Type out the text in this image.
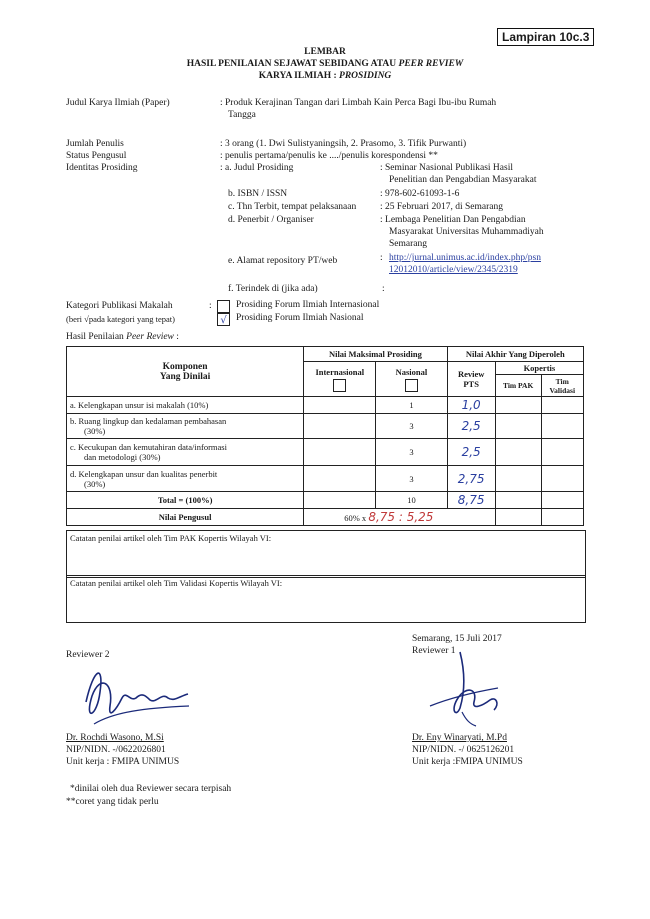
Lampiran 10c.3
LEMBAR
HASIL PENILAIAN SEJAWAT SEBIDANG ATAU PEER REVIEW
KARYA ILMIAH : PROSIDING
Judul Karya Ilmiah (Paper)	: Produk Kerajinan Tangan dari Limbah Kain Perca Bagi Ibu-ibu Rumah
Tangga
Jumlah Penulis	: 3 orang (1. Dwi Sulistyaningsih, 2. Prasomo, 3. Tifik Purwanti)
Status Pengusul	: penulis pertama/penulis ke ..../penulis korespondensi **
Identitas Prosiding	: a. Judul Prosiding	: Seminar Nasional Publikasi Hasil
Penelitian dan Pengabdian Masyarakat
b. ISBN / ISSN	: 978-602-61093-1-6
c. Thn Terbit, tempat pelaksanaan	: 25 Februari 2017, di Semarang
d. Penerbit / Organiser	: Lembaga Penelitian Dan Pengabdian
Masyarakat Universitas Muhammadiyah
Semarang
e. Alamat repository PT/web	: http://jurnal.unimus.ac.id/index.php/psn
12012010/article/view/2345/2319
f. Terindek di (jika ada)	:
Kategori Publikasi Makalah	:
(beri √pada kategori yang tepat)
Prosiding Forum Ilmiah Internasional
√ Prosiding Forum Ilmiah Nasional
Hasil Penilaian Peer Review :
Komponen
Yang Dinilai	Nilai Maksimal Prosiding		Nilai Akhir Yang Diperoleh		
	Internasional	Nasional	Review
PTS	Kopertis	
				Tim PAK	Tim
Validasi
a. Kelengkapan unsur isi makalah (10%)		1	1,0		
b. Ruang lingkup dan kedalaman pembahasan
(30%)		3	2,5		
c. Kecukupan dan kemutahiran data/informasi
dan metodologi (30%)		3	2,5		
d. Kelengkapan unsur dan kualitas penerbit
(30%)		3	2,75		
Total = (100%)		10	8,75		
Nilai Pengusul	60% x 8,75 : 5,25				
Catatan penilai artikel oleh Tim PAK Kopertis Wilayah VI:
Catatan penilai artikel oleh Tim Validasi Kopertis Wilayah VI:
Reviewer 2
Dr. Rochdi Wasono, M.Si
NIP/NIDN. -/0622026801
Unit kerja : FMIPA UNIMUS
Semarang, 15 Juli 2017
Reviewer 1
Dr. Eny Winaryati, M.Pd
NIP/NIDN. -/ 0625126201
Unit kerja :FMIPA UNIMUS
*dinilai oleh dua Reviewer secara terpisah
**coret yang tidak perlu
